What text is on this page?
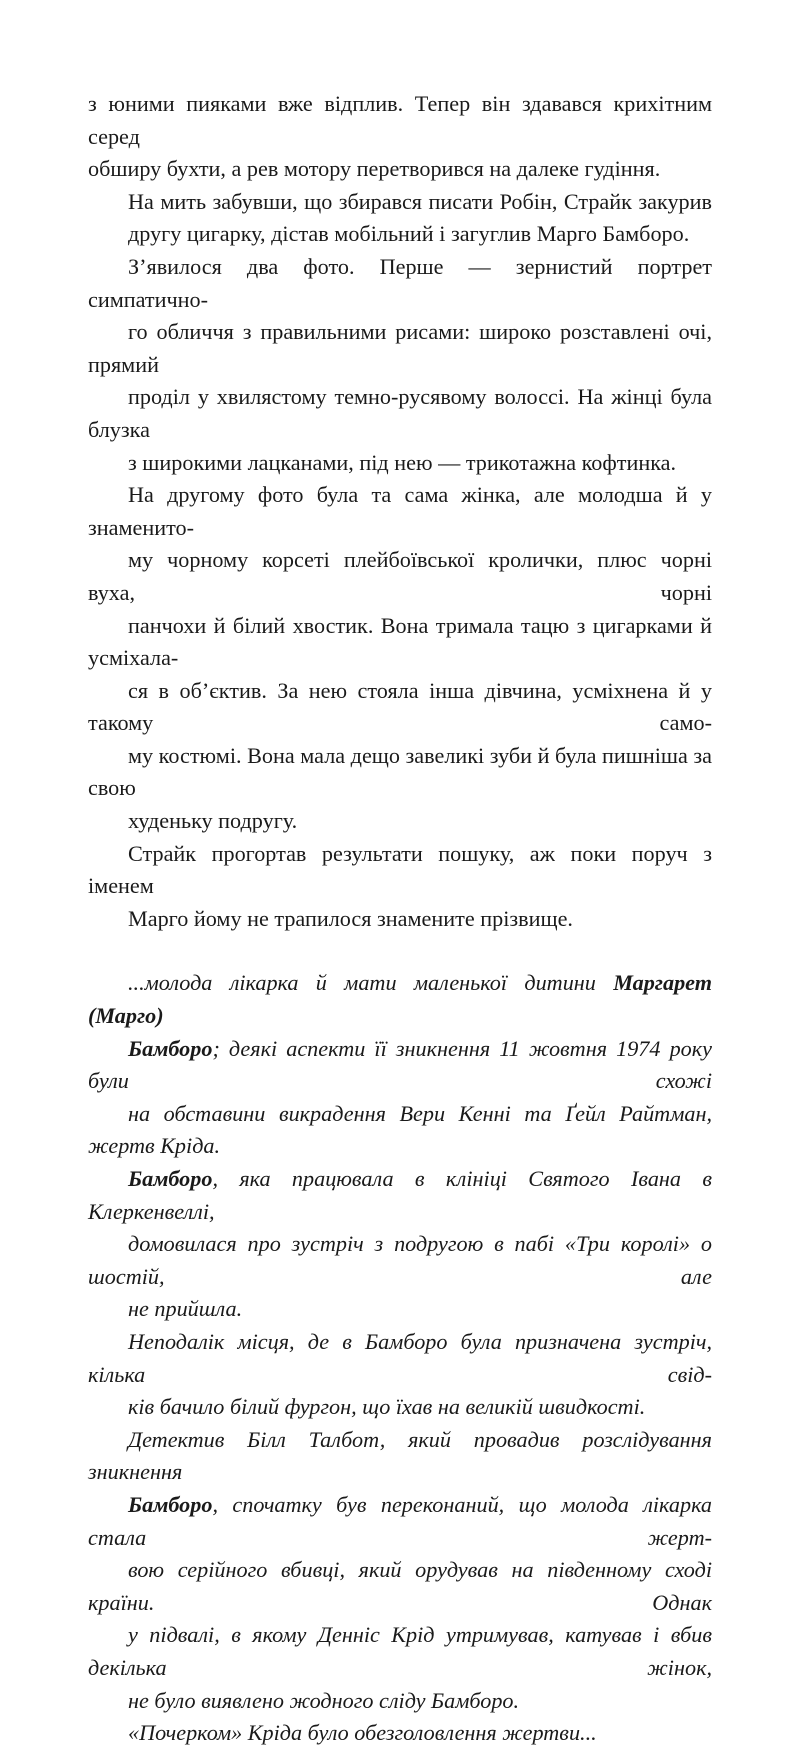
з юними пияками вже відплив. Тепер він здавався крихітним серед
обширу бухти, а рев мотору перетворився на далеке гудіння.

На мить забувши, що збирався писати Робін, Страйк закурив
другу цигарку, дістав мобільний і загуглив Марго Бамборо.

З’явилося два фото. Перше — зернистий портрет симпатично-
го обличчя з правильними рисами: широко розставлені очі, прямий
проділ у хвилястому темно-русявому волоссі. На жінці була блузка
з широкими лацканами, під нею — трикотажна кофтинка.

На другому фото була та сама жінка, але молодша й у знаменито-
му чорному корсеті плейбоївської кролички, плюс чорні вуха, чорні
панчохи й білий хвостик. Вона тримала тацю з цигарками й усміхала-
ся в об’єктив. За нею стояла інша дівчина, усміхнена й у такому само-
му костюмі. Вона мала дещо завеликі зуби й була пишніша за свою
худеньку подругу.

Страйк прогортав результати пошуку, аж поки поруч з іменем
Марго йому не трапилося знамените прізвище.

...молода лікарка й мати маленької дитини Маргарет (Марго)
Бамборо; деякі аспекти її зникнення 11 жовтня 1974 року були схожі
на обставини викрадення Вери Кенні та Ґейл Райтман, жертв Кріда.

Бамборо, яка працювала в клініці Святого Івана в Клеркенвеллі,
домовилася про зустріч з подругою в пабі «Три королі» о шостій, але
не прийшла.

Неподалік місця, де в Бамборо була призначена зустріч, кілька свід-
ків бачило білий фургон, що їхав на великій швидкості.

Детектив Білл Талбот, який провадив розслідування зникнення
Бамборо, спочатку був переконаний, що молода лікарка стала жерт-
вою серійного вбивці, який орудував на південному сході країни. Однак
у підвалі, в якому Денніс Крід утримував, катував і вбив декілька жінок,
не було виявлено жодного сліду Бамборо.

«Почерком» Кріда було обезголовлення жертви...
